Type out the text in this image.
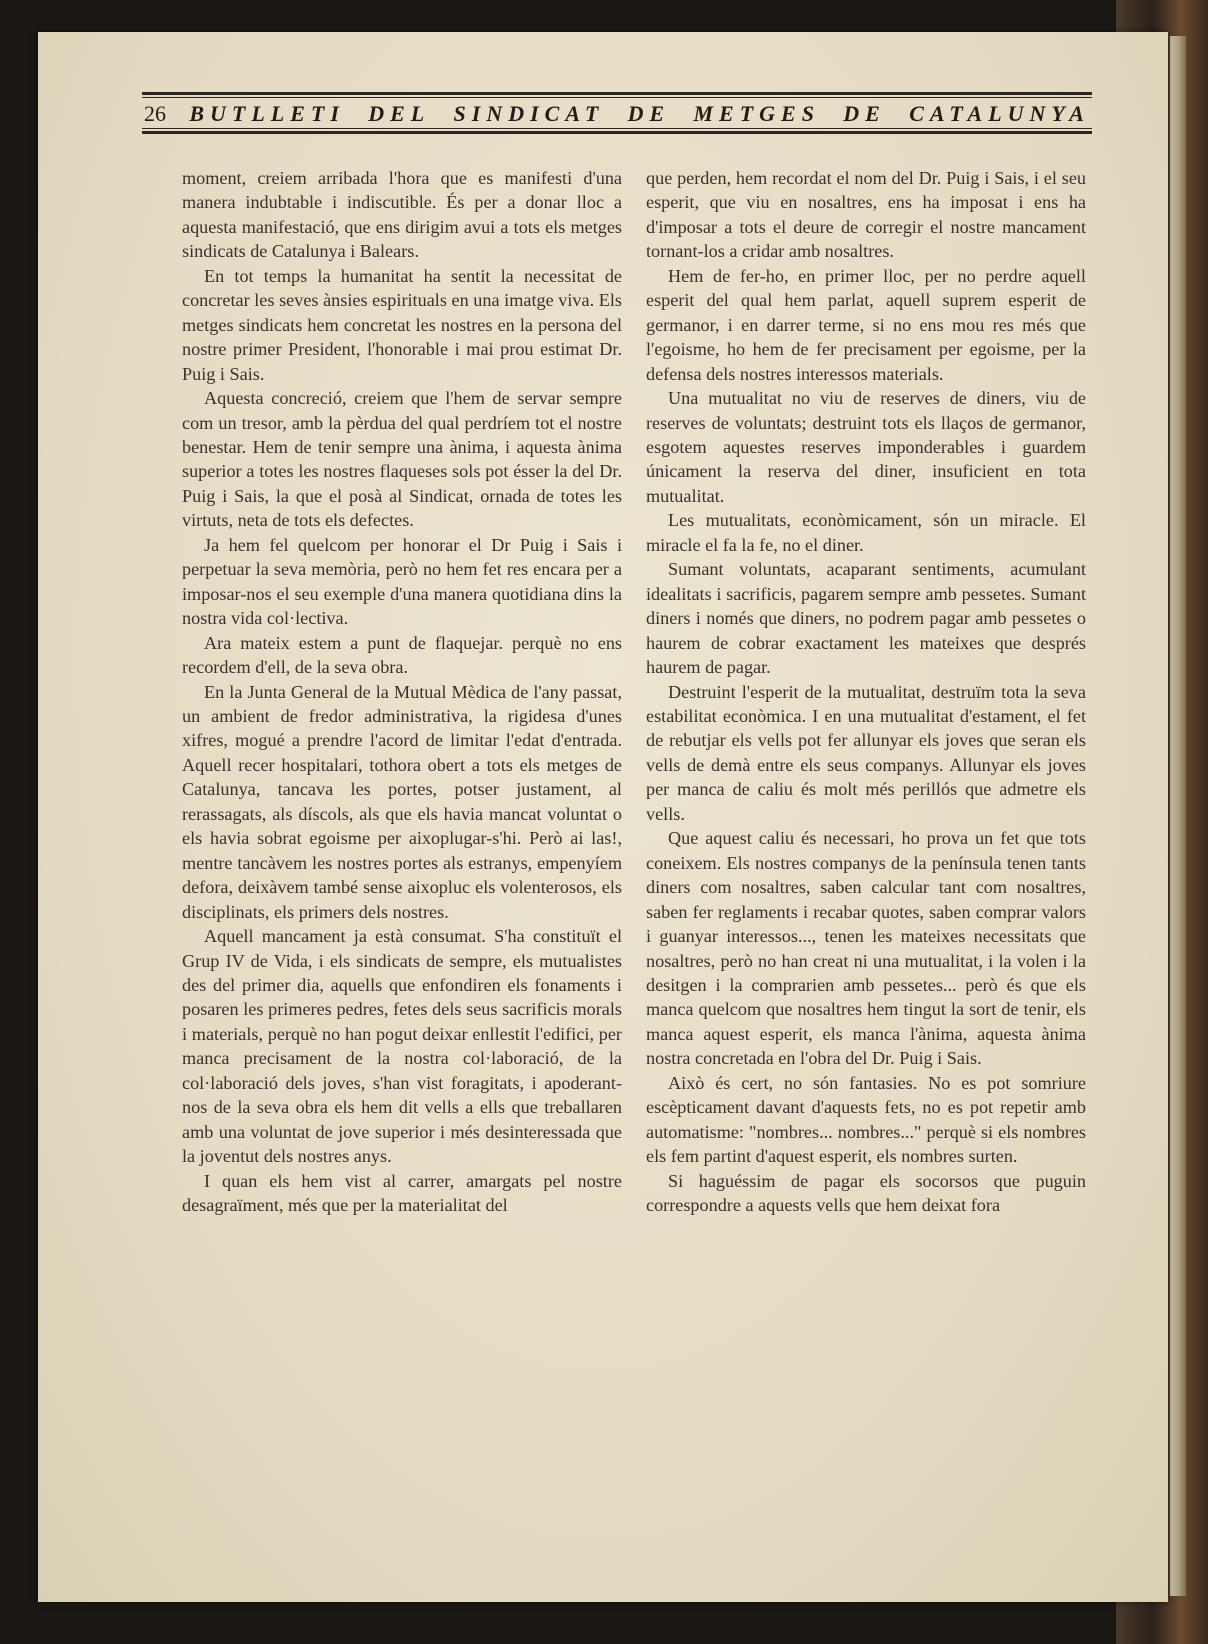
26 BUTLLETI DEL SINDICAT DE METGES DE CATALUNYA

moment, creiem arribada l'hora que es manifesti d'una manera indubtable i indiscutible. És per a donar lloc a aquesta manifestació, que ens dirigim avui a tots els metges sindicats de Catalunya i Balears.

En tot temps la humanitat ha sentit la necessitat de concretar les seves ànsies espirituals en una imatge viva. Els metges sindicats hem concretat les nostres en la persona del nostre primer President, l'honorable i mai prou estimat Dr. Puig i Sais.

Aquesta concreció, creiem que l'hem de servar sempre com un tresor, amb la pèrdua del qual perdríem tot el nostre benestar. Hem de tenir sempre una ànima, i aquesta ànima superior a totes les nostres flaqueses sols pot ésser la del Dr. Puig i Sais, la que el posà al Sindicat, ornada de totes les virtuts, neta de tots els defectes.

Ja hem fel quelcom per honorar el Dr Puig i Sais i perpetuar la seva memòria, però no hem fet res encara per a imposar-nos el seu exemple d'una manera quotidiana dins la nostra vida col·lectiva.

Ara mateix estem a punt de flaquejar. perquè no ens recordem d'ell, de la seva obra.

En la Junta General de la Mutual Mèdica de l'any passat, un ambient de fredor administrativa, la rigidesa d'unes xifres, mogué a prendre l'acord de limitar l'edat d'entrada. Aquell recer hospitalari, tothora obert a tots els metges de Catalunya, tancava les portes, potser justament, al rerassagats, als díscols, als que els havia mancat voluntat o els havia sobrat egoisme per aixoplugar-s'hi. Però ai las!, mentre tancàvem les nostres portes als estranys, empenyíem defora, deixàvem també sense aixopluc els volenterosos, els disciplinats, els primers dels nostres.

Aquell mancament ja està consumat. S'ha constituït el Grup IV de Vida, i els sindicats de sempre, els mutualistes des del primer dia, aquells que enfondiren els fonaments i posaren les primeres pedres, fetes dels seus sacrificis morals i materials, perquè no han pogut deixar enllestit l'edifici, per manca precisament de la nostra col·laboració, de la col·laboració dels joves, s'han vist foragitats, i apoderant-nos de la seva obra els hem dit vells a ells que treballaren amb una voluntat de jove superior i més desinteressada que la joventut dels nostres anys.

I quan els hem vist al carrer, amargats pel nostre desagraïment, més que per la materialitat del

que perden, hem recordat el nom del Dr. Puig i Sais, i el seu esperit, que viu en nosaltres, ens ha imposat i ens ha d'imposar a tots el deure de corregir el nostre mancament tornant-los a cridar amb nosaltres.

Hem de fer-ho, en primer lloc, per no perdre aquell esperit del qual hem parlat, aquell suprem esperit de germanor, i en darrer terme, si no ens mou res més que l'egoisme, ho hem de fer precisament per egoisme, per la defensa dels nostres interessos materials.

Una mutualitat no viu de reserves de diners, viu de reserves de voluntats; destruint tots els llaços de germanor, esgotem aquestes reserves imponderables i guardem únicament la reserva del diner, insuficient en tota mutualitat.

Les mutualitats, econòmicament, són un miracle. El miracle el fa la fe, no el diner.

Sumant voluntats, acaparant sentiments, acumulant idealitats i sacrificis, pagarem sempre amb pessetes. Sumant diners i només que diners, no podrem pagar amb pessetes o haurem de cobrar exactament les mateixes que després haurem de pagar.

Destruint l'esperit de la mutualitat, destruïm tota la seva estabilitat econòmica. I en una mutualitat d'estament, el fet de rebutjar els vells pot fer allunyar els joves que seran els vells de demà entre els seus companys. Allunyar els joves per manca de caliu és molt més perillós que admetre els vells.

Que aquest caliu és necessari, ho prova un fet que tots coneixem. Els nostres companys de la península tenen tants diners com nosaltres, saben calcular tant com nosaltres, saben fer reglaments i recabar quotes, saben comprar valors i guanyar interessos..., tenen les mateixes necessitats que nosaltres, però no han creat ni una mutualitat, i la volen i la desitgen i la comprarien amb pessetes... però és que els manca quelcom que nosaltres hem tingut la sort de tenir, els manca aquest esperit, els manca l'ànima, aquesta ànima nostra concretada en l'obra del Dr. Puig i Sais.

Això és cert, no són fantasies. No es pot somriure escèpticament davant d'aquests fets, no es pot repetir amb automatisme: "nombres... nombres..." perquè si els nombres els fem partint d'aquest esperit, els nombres surten.

Si haguéssim de pagar els socorsos que puguin correspondre a aquests vells que hem deixat fora
